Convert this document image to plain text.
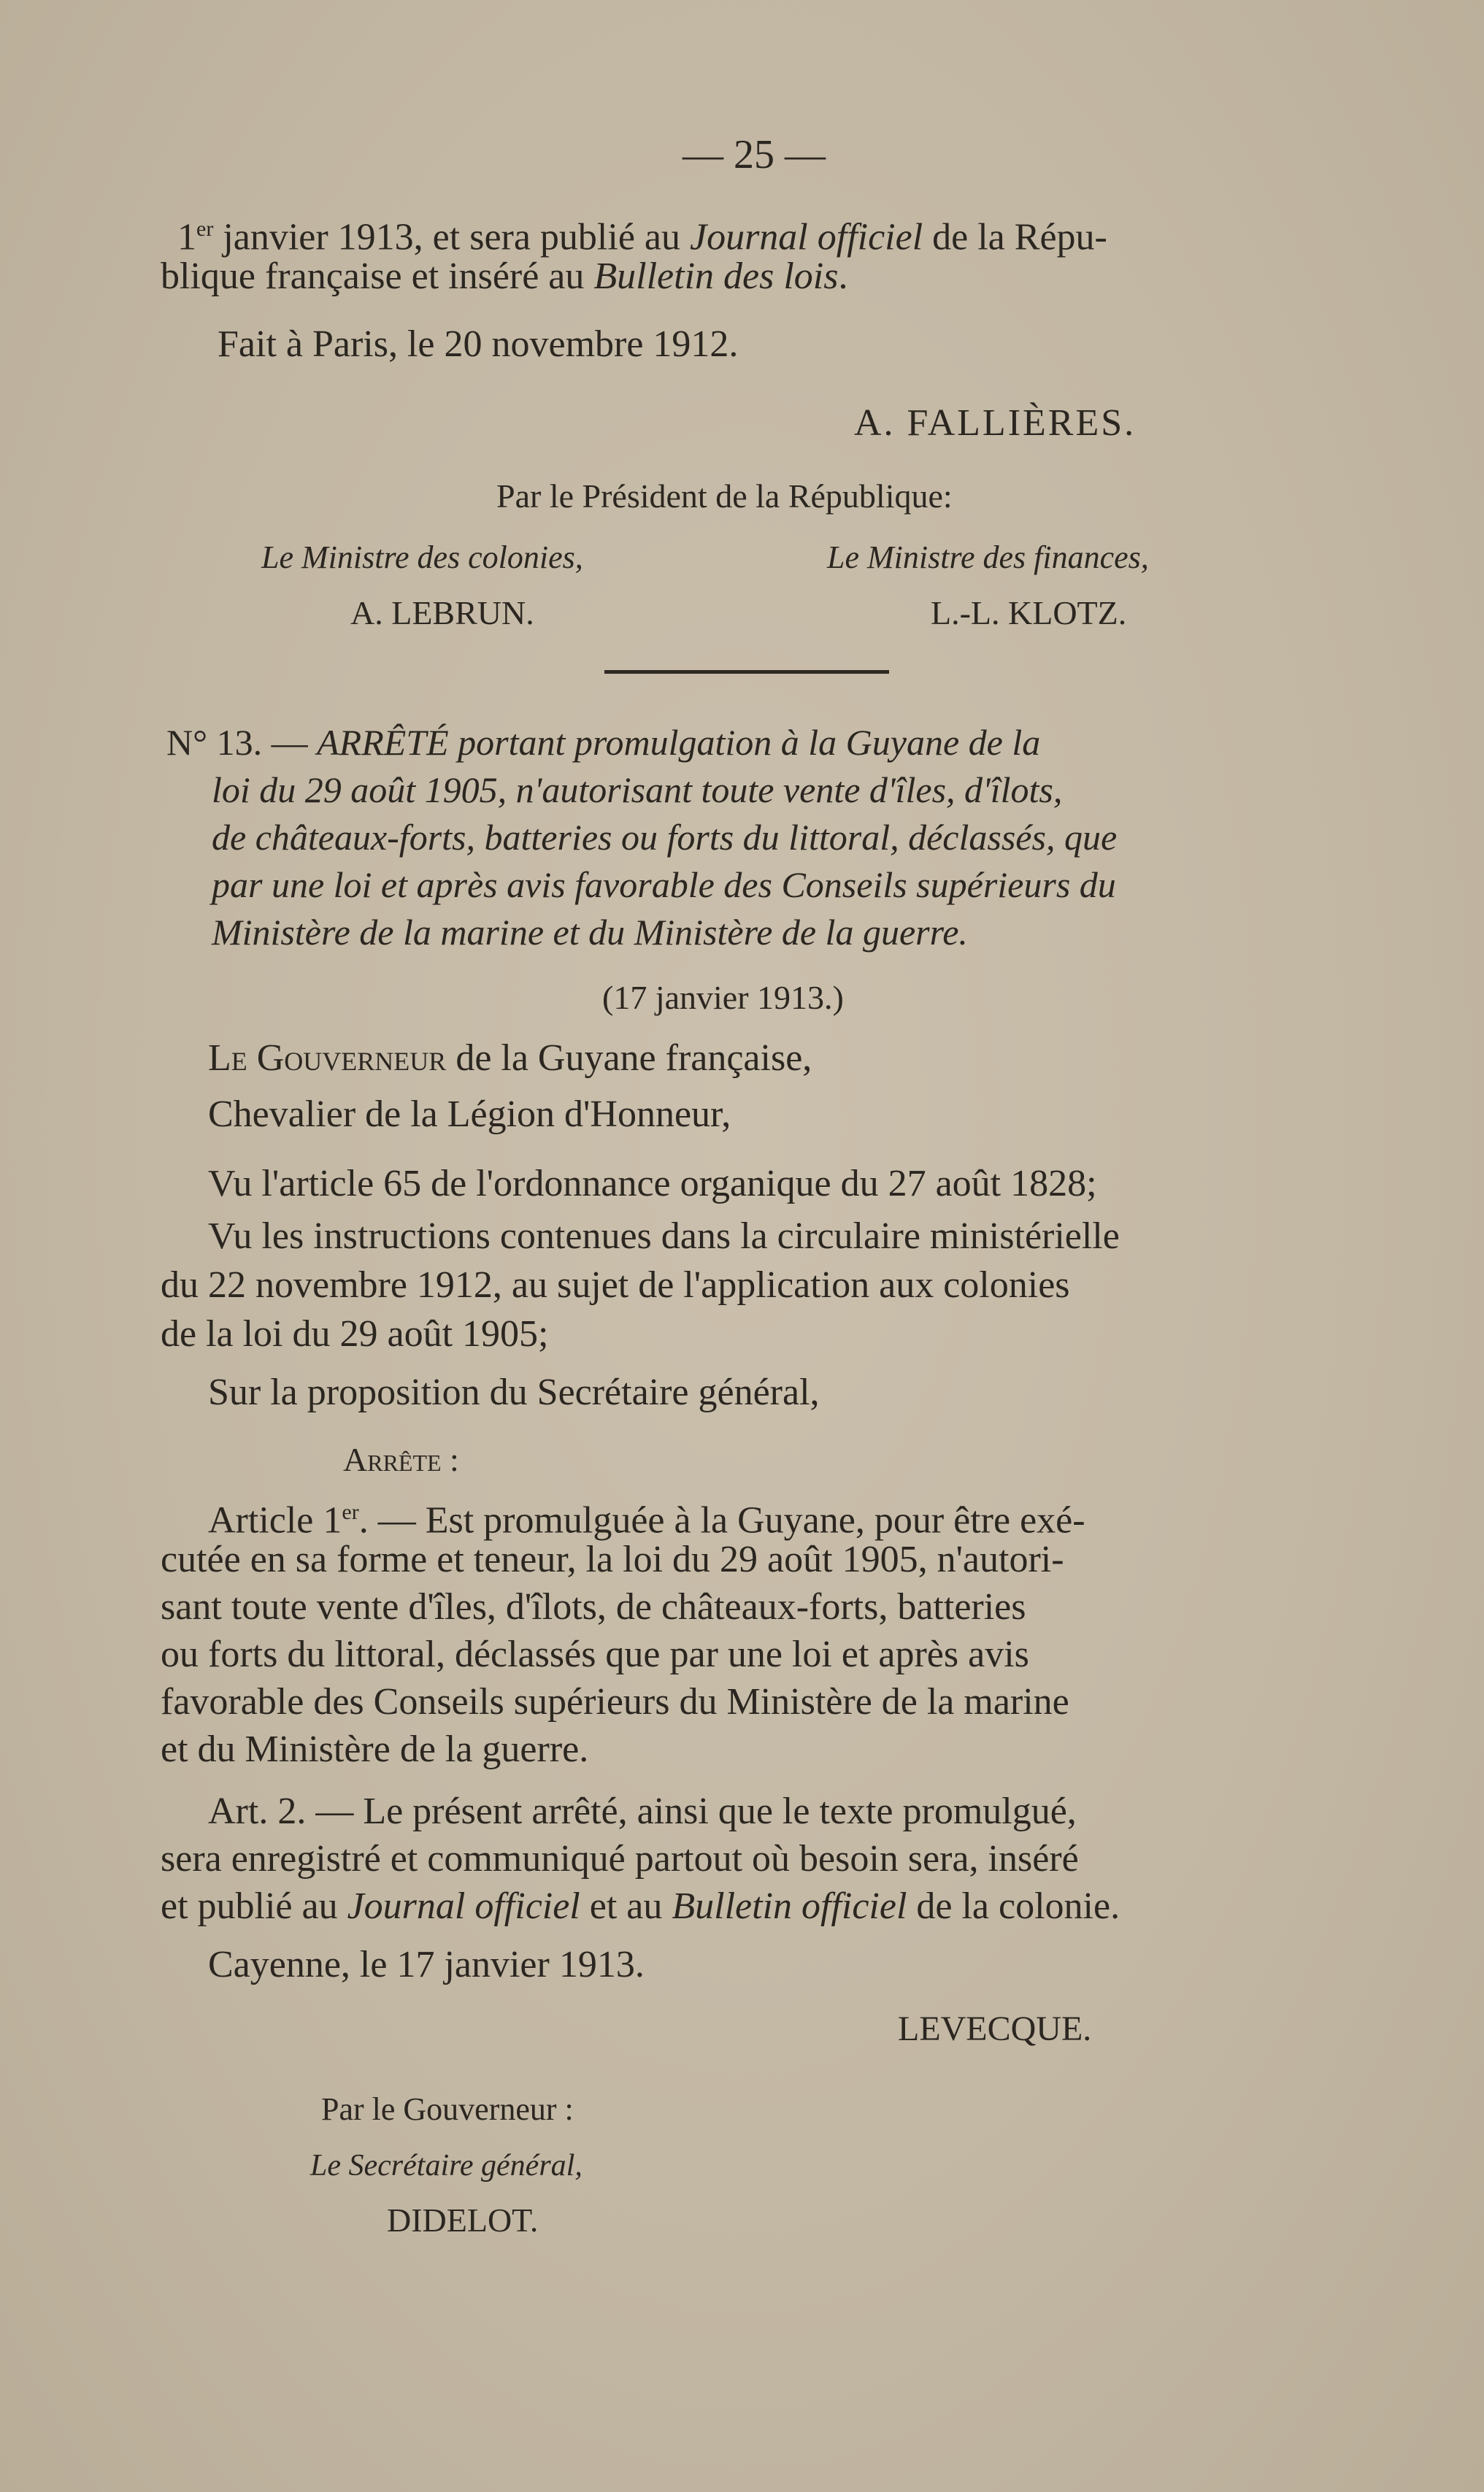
— 25 —
1er janvier 1913, et sera publié au Journal officiel de la Répu-
blique française et inséré au Bulletin des lois.
Fait à Paris, le 20 novembre 1912.
A. FALLIÈRES.
Par le Président de la République:
Le Ministre des colonies,	Le Ministre des finances,
A. LEBRUN.	L.-L. KLOTZ.
N° 13. — ARRÊTÉ portant promulgation à la Guyane de la
loi du 29 août 1905, n'autorisant toute vente d'îles, d'îlots,
de châteaux-forts, batteries ou forts du littoral, déclassés, que
par une loi et après avis favorable des Conseils supérieurs du
Ministère de la marine et du Ministère de la guerre.
(17 janvier 1913.)
Le Gouverneur de la Guyane française,
Chevalier de la Légion d'Honneur,
Vu l'article 65 de l'ordonnance organique du 27 août 1828;
Vu les instructions contenues dans la circulaire ministérielle
du 22 novembre 1912, au sujet de l'application aux colonies
de la loi du 29 août 1905;
Sur la proposition du Secrétaire général,
Arrête :
Article 1er. — Est promulguée à la Guyane, pour être exé-
cutée en sa forme et teneur, la loi du 29 août 1905, n'autori-
sant toute vente d'îles, d'îlots, de châteaux-forts, batteries
ou forts du littoral, déclassés que par une loi et après avis
favorable des Conseils supérieurs du Ministère de la marine
et du Ministère de la guerre.
Art. 2. — Le présent arrêté, ainsi que le texte promulgué,
sera enregistré et communiqué partout où besoin sera, inséré
et publié au Journal officiel et au Bulletin officiel de la colonie.
Cayenne, le 17 janvier 1913.
LEVECQUE.
Par le Gouverneur :
Le Secrétaire général,
DIDELOT.
